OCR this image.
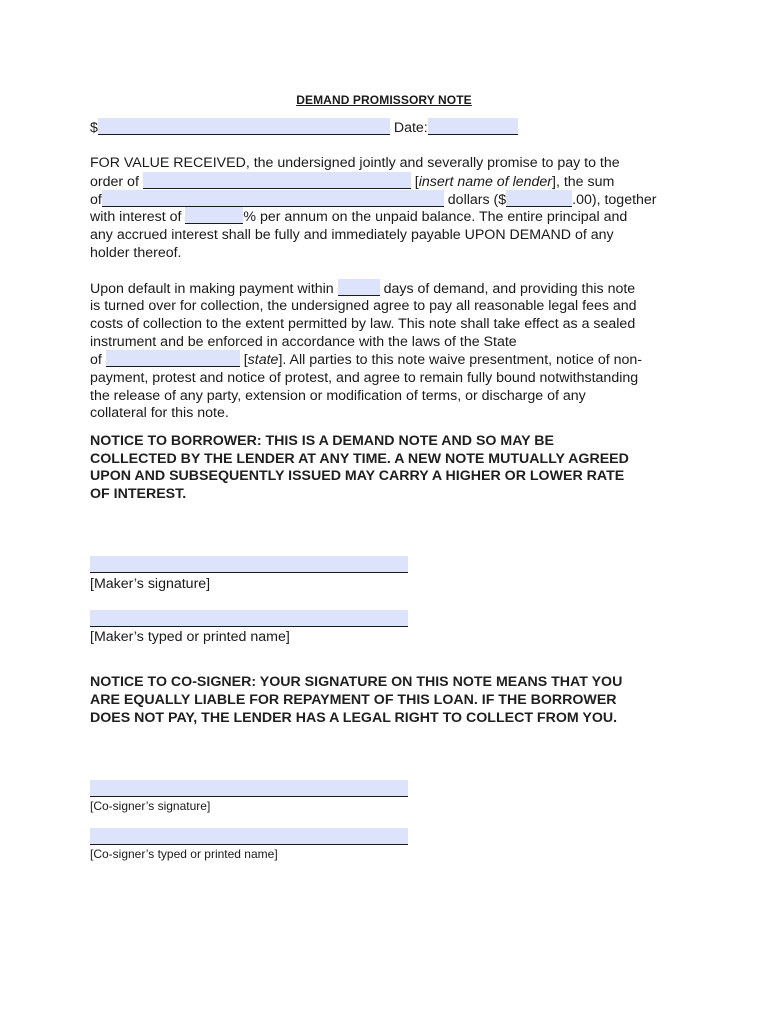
DEMAND PROMISSORY NOTE
$	Date:
FOR VALUE RECEIVED, the undersigned jointly and severally promise to pay to the
order of	[insert name of lender], the sum
of	dollars ($	.00), together
with interest of	% per annum on the unpaid balance. The entire principal and
any accrued interest shall be fully and immediately payable UPON DEMAND of any
holder thereof.
Upon default in making payment within	days of demand, and providing this note
is turned over for collection, the undersigned agree to pay all reasonable legal fees and
costs of collection to the extent permitted by law. This note shall take effect as a sealed
instrument and be enforced in accordance with the laws of the State
of	[state]. All parties to this note waive presentment, notice of non-
payment, protest and notice of protest, and agree to remain fully bound notwithstanding
the release of any party, extension or modification of terms, or discharge of any
collateral for this note.
NOTICE TO BORROWER: THIS IS A DEMAND NOTE AND SO MAY BE
COLLECTED BY THE LENDER AT ANY TIME. A NEW NOTE MUTUALLY AGREED
UPON AND SUBSEQUENTLY ISSUED MAY CARRY A HIGHER OR LOWER RATE
OF INTEREST.
[Maker’s signature]
[Maker’s typed or printed name]
NOTICE TO CO-SIGNER: YOUR SIGNATURE ON THIS NOTE MEANS THAT YOU
ARE EQUALLY LIABLE FOR REPAYMENT OF THIS LOAN. IF THE BORROWER
DOES NOT PAY, THE LENDER HAS A LEGAL RIGHT TO COLLECT FROM YOU.
[Co-signer’s signature]
[Co-signer’s typed or printed name]
